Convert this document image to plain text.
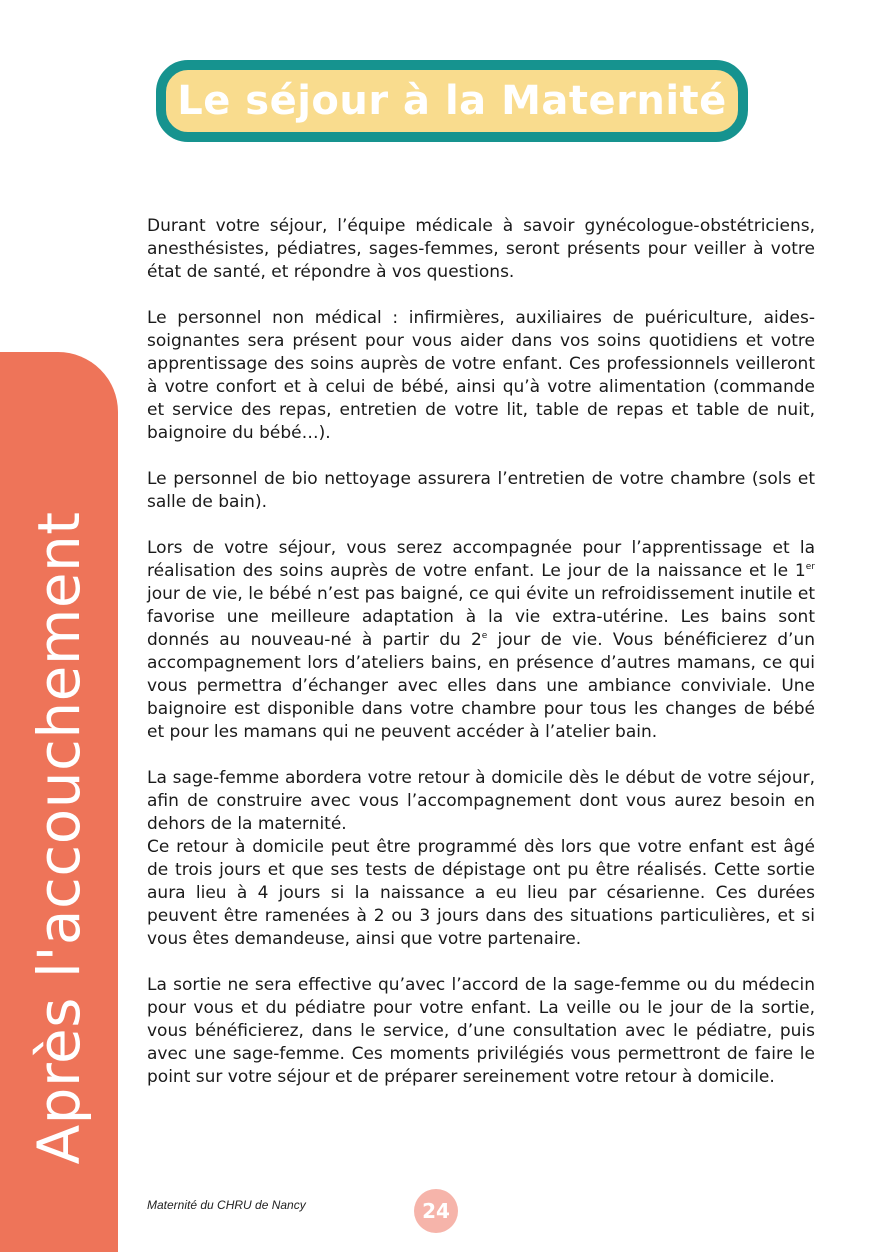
Le séjour à la Maternité
Après l'accouchement

Durant votre séjour, l’équipe médicale à savoir gynécologue-obstétriciens, anesthésistes, pédiatres, sages-femmes, seront présents pour veiller à votre état de santé, et répondre à vos questions.

Le personnel non médical : infirmières, auxiliaires de puériculture, aides-soignantes sera présent pour vous aider dans vos soins quotidiens et votre apprentissage des soins auprès de votre enfant. Ces professionnels veilleront à votre confort et à celui de bébé, ainsi qu’à votre alimentation (commande et service des repas, entretien de votre lit, table de repas et table de nuit, baignoire du bébé…).

Le personnel de bio nettoyage assurera l’entretien de votre chambre (sols et salle de bain).

Lors de votre séjour, vous serez accompagnée pour l’apprentissage et la réalisation des soins auprès de votre enfant. Le jour de la naissance et le 1er jour de vie, le bébé n’est pas baigné, ce qui évite un refroidissement inutile et favorise une meilleure adaptation à la vie extra-utérine. Les bains sont donnés au nouveau-né à partir du 2e jour de vie. Vous bénéficierez d’un accompagnement lors d’ateliers bains, en présence d’autres mamans, ce qui vous permettra d’échanger avec elles dans une ambiance conviviale. Une baignoire est disponible dans votre chambre pour tous les changes de bébé et pour les mamans qui ne peuvent accéder à l’atelier bain.

La sage-femme abordera votre retour à domicile dès le début de votre séjour, afin de construire avec vous l’accompagnement dont vous aurez besoin en dehors de la maternité.

Ce retour à domicile peut être programmé dès lors que votre enfant est âgé de trois jours et que ses tests de dépistage ont pu être réalisés. Cette sortie aura lieu à 4 jours si la naissance a eu lieu par césarienne. Ces durées peuvent être ramenées à 2 ou 3 jours dans des situations particulières, et si vous êtes demandeuse, ainsi que votre partenaire.

La sortie ne sera effective qu’avec l’accord de la sage-femme ou du médecin pour vous et du pédiatre pour votre enfant. La veille ou le jour de la sortie, vous bénéficierez, dans le service, d’une consultation avec le pédiatre, puis avec une sage-femme. Ces moments privilégiés vous permettront de faire le point sur votre séjour et de préparer sereinement votre retour à domicile.

Maternité du CHRU de Nancy	24
